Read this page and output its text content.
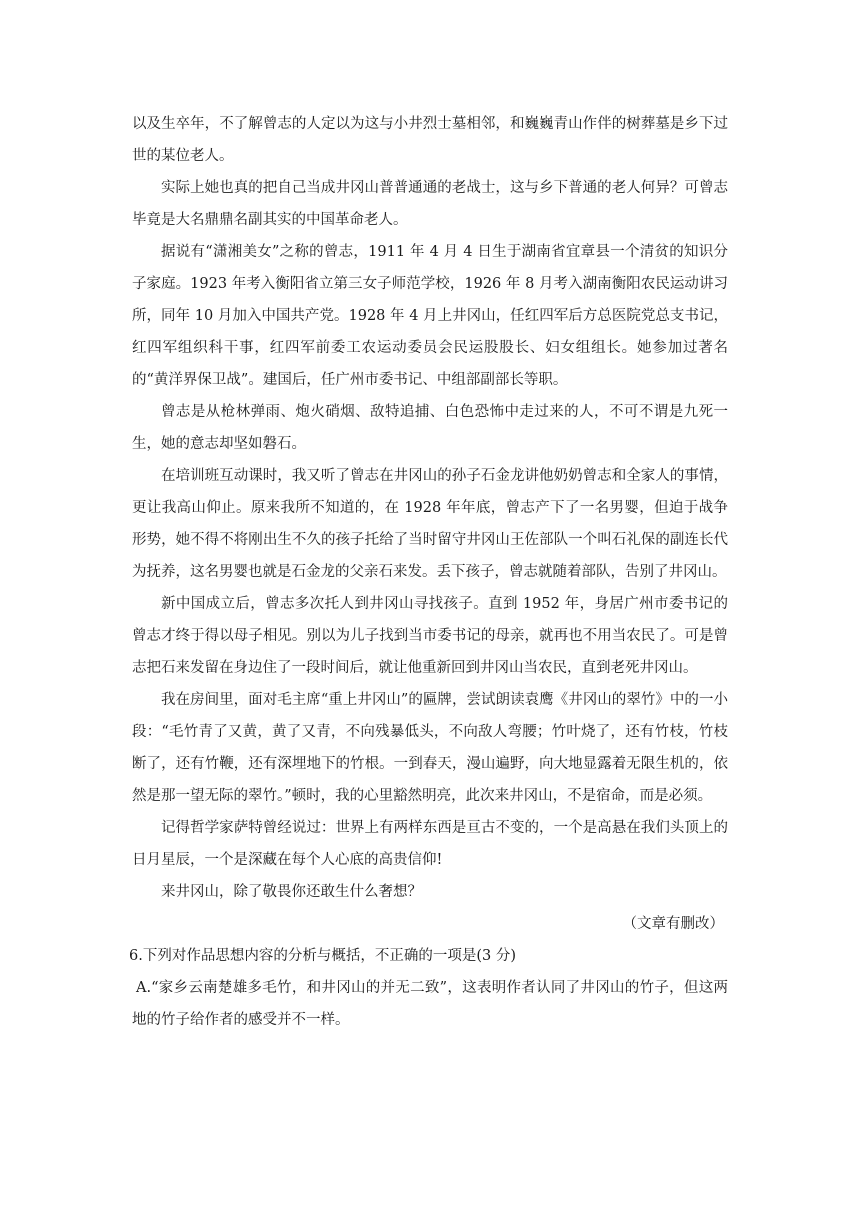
以及生卒年，不了解曾志的人定以为这与小井烈士墓相邻，和巍巍青山作伴的树葬墓是乡下过世的某位老人。

实际上她也真的把自己当成井冈山普普通通的老战士，这与乡下普通的老人何异？可曾志毕竟是大名鼎鼎名副其实的中国革命老人。

据说有“潇湘美女”之称的曾志，1911 年 4 月 4 日生于湖南省宜章县一个清贫的知识分子家庭。1923 年考入衡阳省立第三女子师范学校，1926 年 8 月考入湖南衡阳农民运动讲习所，同年 10 月加入中国共产党。1928 年 4 月上井冈山，任红四军后方总医院党总支书记，红四军组织科干事，红四军前委工农运动委员会民运股股长、妇女组组长。她参加过著名的“黄洋界保卫战”。建国后，任广州市委书记、中组部副部长等职。

曾志是从枪林弹雨、炮火硝烟、敌特追捕、白色恐怖中走过来的人，不可不谓是九死一生，她的意志却坚如磐石。

在培训班互动课时，我又听了曾志在井冈山的孙子石金龙讲他奶奶曾志和全家人的事情，更让我高山仰止。原来我所不知道的，在 1928 年年底，曾志产下了一名男婴，但迫于战争形势，她不得不将刚出生不久的孩子托给了当时留守井冈山王佐部队一个叫石礼保的副连长代为抚养，这名男婴也就是石金龙的父亲石来发。丢下孩子，曾志就随着部队，告别了井冈山。

新中国成立后，曾志多次托人到井冈山寻找孩子。直到 1952 年，身居广州市委书记的曾志才终于得以母子相见。别以为儿子找到当市委书记的母亲，就再也不用当农民了。可是曾志把石来发留在身边住了一段时间后，就让他重新回到井冈山当农民，直到老死井冈山。

我在房间里，面对毛主席“重上井冈山”的匾牌，尝试朗读袁鹰《井冈山的翠竹》中的一小段：“毛竹青了又黄，黄了又青，不向残暴低头，不向敌人弯腰；竹叶烧了，还有竹枝，竹枝断了，还有竹鞭，还有深埋地下的竹根。一到春天，漫山遍野，向大地显露着无限生机的，依然是那一望无际的翠竹。”顿时，我的心里豁然明亮，此次来井冈山，不是宿命，而是必须。

记得哲学家萨特曾经说过：世界上有两样东西是亘古不变的，一个是高悬在我们头顶上的日月星辰，一个是深藏在每个人心底的高贵信仰!

来井冈山，除了敬畏你还敢生什么奢想？

（文章有删改）

6.下列对作品思想内容的分析与概括，不正确的一项是(3 分)

A.“家乡云南楚雄多毛竹，和井冈山的并无二致”，这表明作者认同了井冈山的竹子，但这两地的竹子给作者的感受并不一样。
